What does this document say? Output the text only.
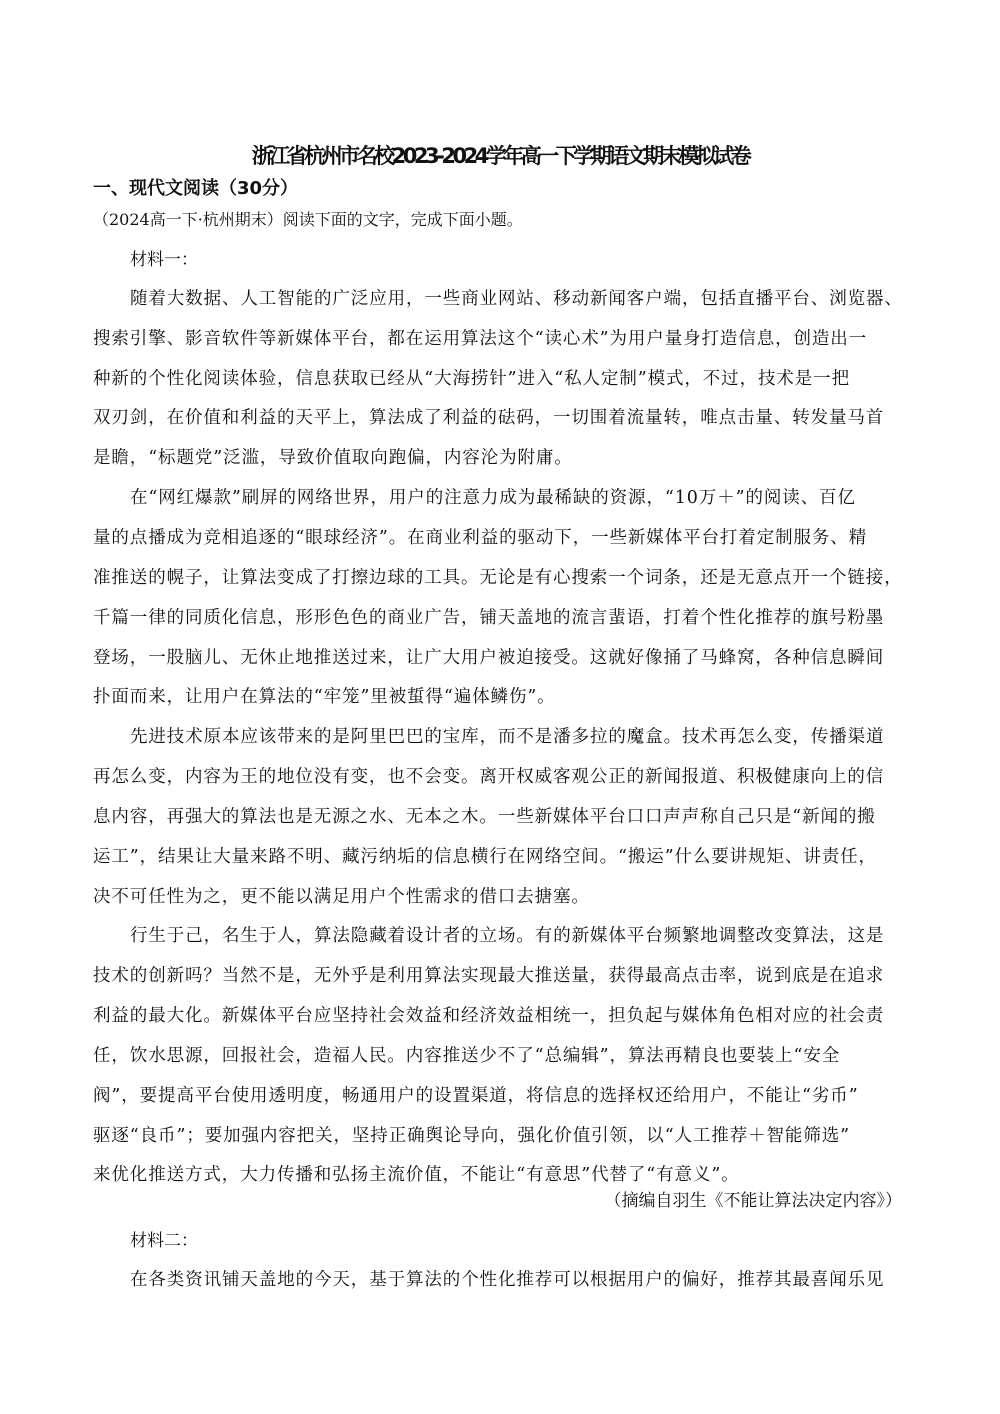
浙江省杭州市名校2023-2024学年高一下学期语文期末模拟试卷
一、现代文阅读（30分）
（2024高一下·杭州期末）阅读下面的文字，完成下面小题。
材料一：
随着大数据、人工智能的广泛应用，一些商业网站、移动新闻客户端，包括直播平台、浏览器、
搜索引擎、影音软件等新媒体平台，都在运用算法这个“读心术”为用户量身打造信息，创造出一
种新的个性化阅读体验，信息获取已经从“大海捞针”进入“私人定制”模式，不过，技术是一把
双刃剑，在价值和利益的天平上，算法成了利益的砝码，一切围着流量转，唯点击量、转发量马首
是瞻，“标题党”泛滥，导致价值取向跑偏，内容沦为附庸。
在“网红爆款”刷屏的网络世界，用户的注意力成为最稀缺的资源，“10万＋”的阅读、百亿
量的点播成为竞相追逐的“眼球经济”。在商业利益的驱动下，一些新媒体平台打着定制服务、精
准推送的幌子，让算法变成了打擦边球的工具。无论是有心搜索一个词条，还是无意点开一个链接，
千篇一律的同质化信息，形形色色的商业广告，铺天盖地的流言蜚语，打着个性化推荐的旗号粉墨
登场，一股脑儿、无休止地推送过来，让广大用户被迫接受。这就好像捅了马蜂窝，各种信息瞬间
扑面而来，让用户在算法的“牢笼”里被蜇得“遍体鳞伤”。
先进技术原本应该带来的是阿里巴巴的宝库，而不是潘多拉的魔盒。技术再怎么变，传播渠道
再怎么变，内容为王的地位没有变，也不会变。离开权威客观公正的新闻报道、积极健康向上的信
息内容，再强大的算法也是无源之水、无本之木。一些新媒体平台口口声声称自己只是“新闻的搬
运工”，结果让大量来路不明、藏污纳垢的信息横行在网络空间。“搬运”什么要讲规矩、讲责任，
决不可任性为之，更不能以满足用户个性需求的借口去搪塞。
行生于己，名生于人，算法隐藏着设计者的立场。有的新媒体平台频繁地调整改变算法，这是
技术的创新吗？当然不是，无外乎是利用算法实现最大推送量，获得最高点击率，说到底是在追求
利益的最大化。新媒体平台应坚持社会效益和经济效益相统一，担负起与媒体角色相对应的社会责
任，饮水思源，回报社会，造福人民。内容推送少不了“总编辑”，算法再精良也要装上“安全
阀”，要提高平台使用透明度，畅通用户的设置渠道，将信息的选择权还给用户，不能让“劣币”
驱逐“良币”；要加强内容把关，坚持正确舆论导向，强化价值引领，以“人工推荐＋智能筛选”
来优化推送方式，大力传播和弘扬主流价值，不能让“有意思”代替了“有意义”。
（摘编自羽生《不能让算法决定内容》）
材料二：
在各类资讯铺天盖地的今天，基于算法的个性化推荐可以根据用户的偏好，推荐其最喜闻乐见
